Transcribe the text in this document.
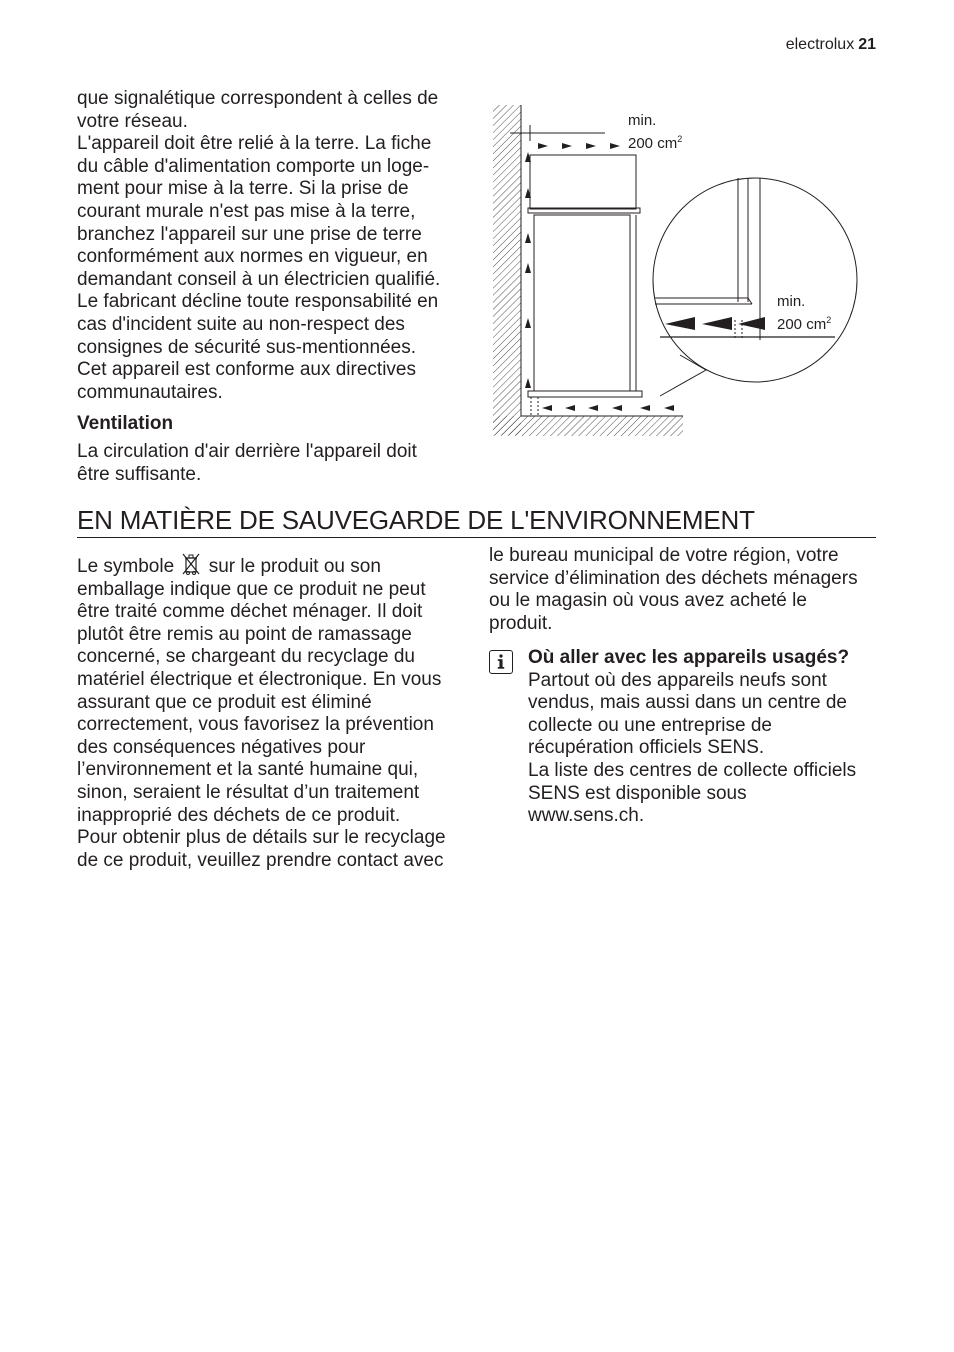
electrolux 21

que signalétique correspondent à celles de

votre réseau.

L'appareil doit être relié à la terre. La fiche

du câble d'alimentation comporte un loge-

ment pour mise à la terre. Si la prise de

courant murale n'est pas mise à la terre,

branchez l'appareil sur une prise de terre

conformément aux normes en vigueur, en

demandant conseil à un électricien qualifié.

Le fabricant décline toute responsabilité en

cas d'incident suite au non-respect des

consignes de sécurité sus-mentionnées.

Cet appareil est conforme aux directives

communautaires.

Ventilation

La circulation d'air derrière l'appareil doit

être suffisante.

min.
200 $cm^2$
min.
200 $cm^2$
EN MATIÈRE DE SAUVEGARDE DE L'ENVIRONNEMENT

Le symbole sur le produit ou son

emballage indique que ce produit ne peut

être traité comme déchet ménager. Il doit

plutôt être remis au point de ramassage

concerné, se chargeant du recyclage du

matériel électrique et électronique. En vous

assurant que ce produit est éliminé

correctement, vous favorisez la prévention

des conséquences négatives pour

l’environnement et la santé humaine qui,

sinon, seraient le résultat d’un traitement

inapproprié des déchets de ce produit.

Pour obtenir plus de détails sur le recyclage

de ce produit, veuillez prendre contact avec

le bureau municipal de votre région, votre

service d’élimination des déchets ménagers

ou le magasin où vous avez acheté le

produit.

Où aller avec les appareils usagés?

Partout où des appareils neufs sont

vendus, mais aussi dans un centre de

collecte ou une entreprise de

récupération officiels SENS.

La liste des centres de collecte officiels

SENS est disponible sous

www.sens.ch.
